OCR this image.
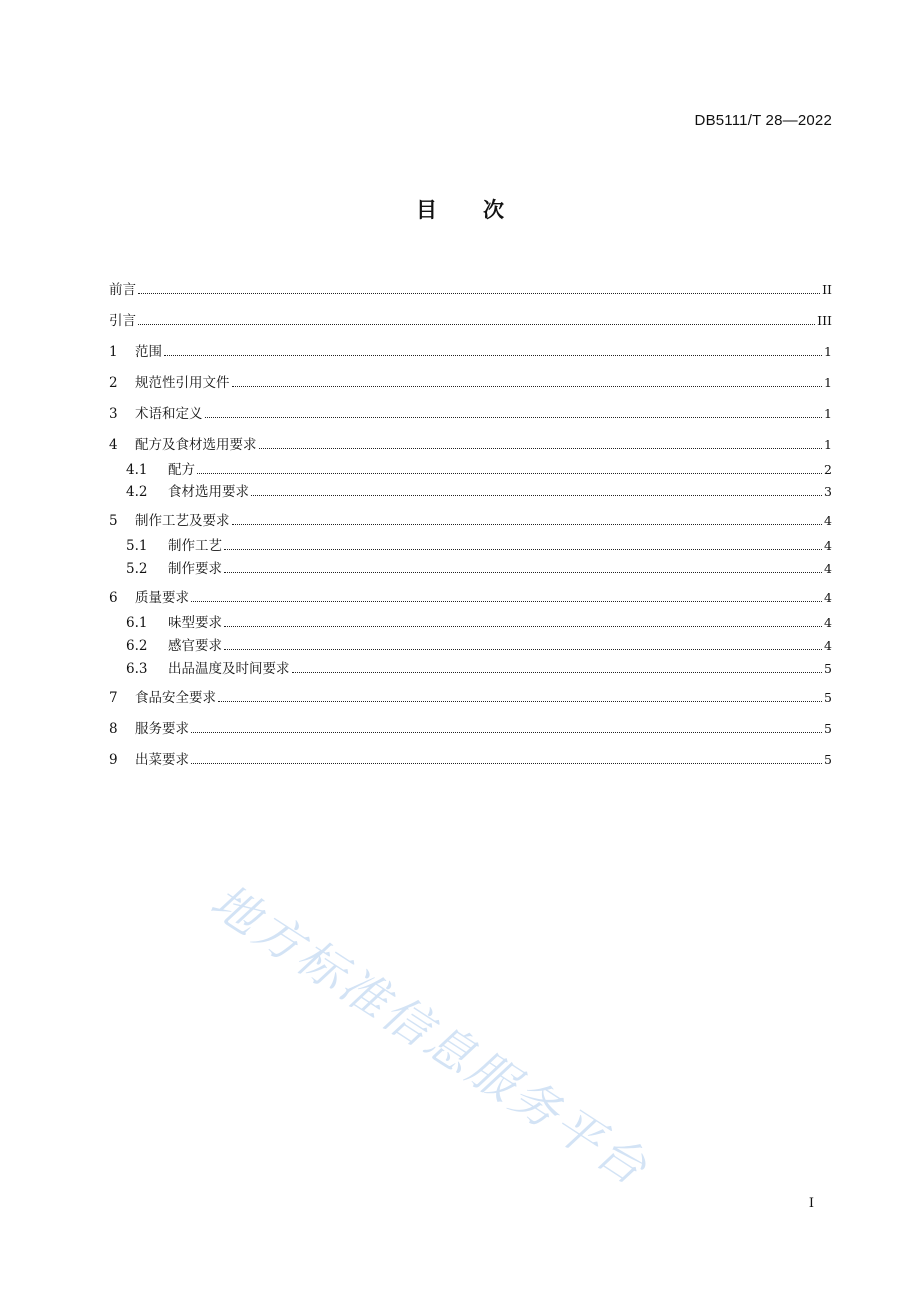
DB5111/T 28—2022
目 次
前言	II
引言	III
1	范围	1
2	规范性引用文件	1
3	术语和定义	1
4	配方及食材选用要求	1
4.1	配方	2
4.2	食材选用要求	3
5	制作工艺及要求	4
5.1	制作工艺	4
5.2	制作要求	4
6	质量要求	4
6.1	味型要求	4
6.2	感官要求	4
6.3	出品温度及时间要求	5
7	食品安全要求	5
8	服务要求	5
9	出菜要求	5
地方标准信息服务平台
I
